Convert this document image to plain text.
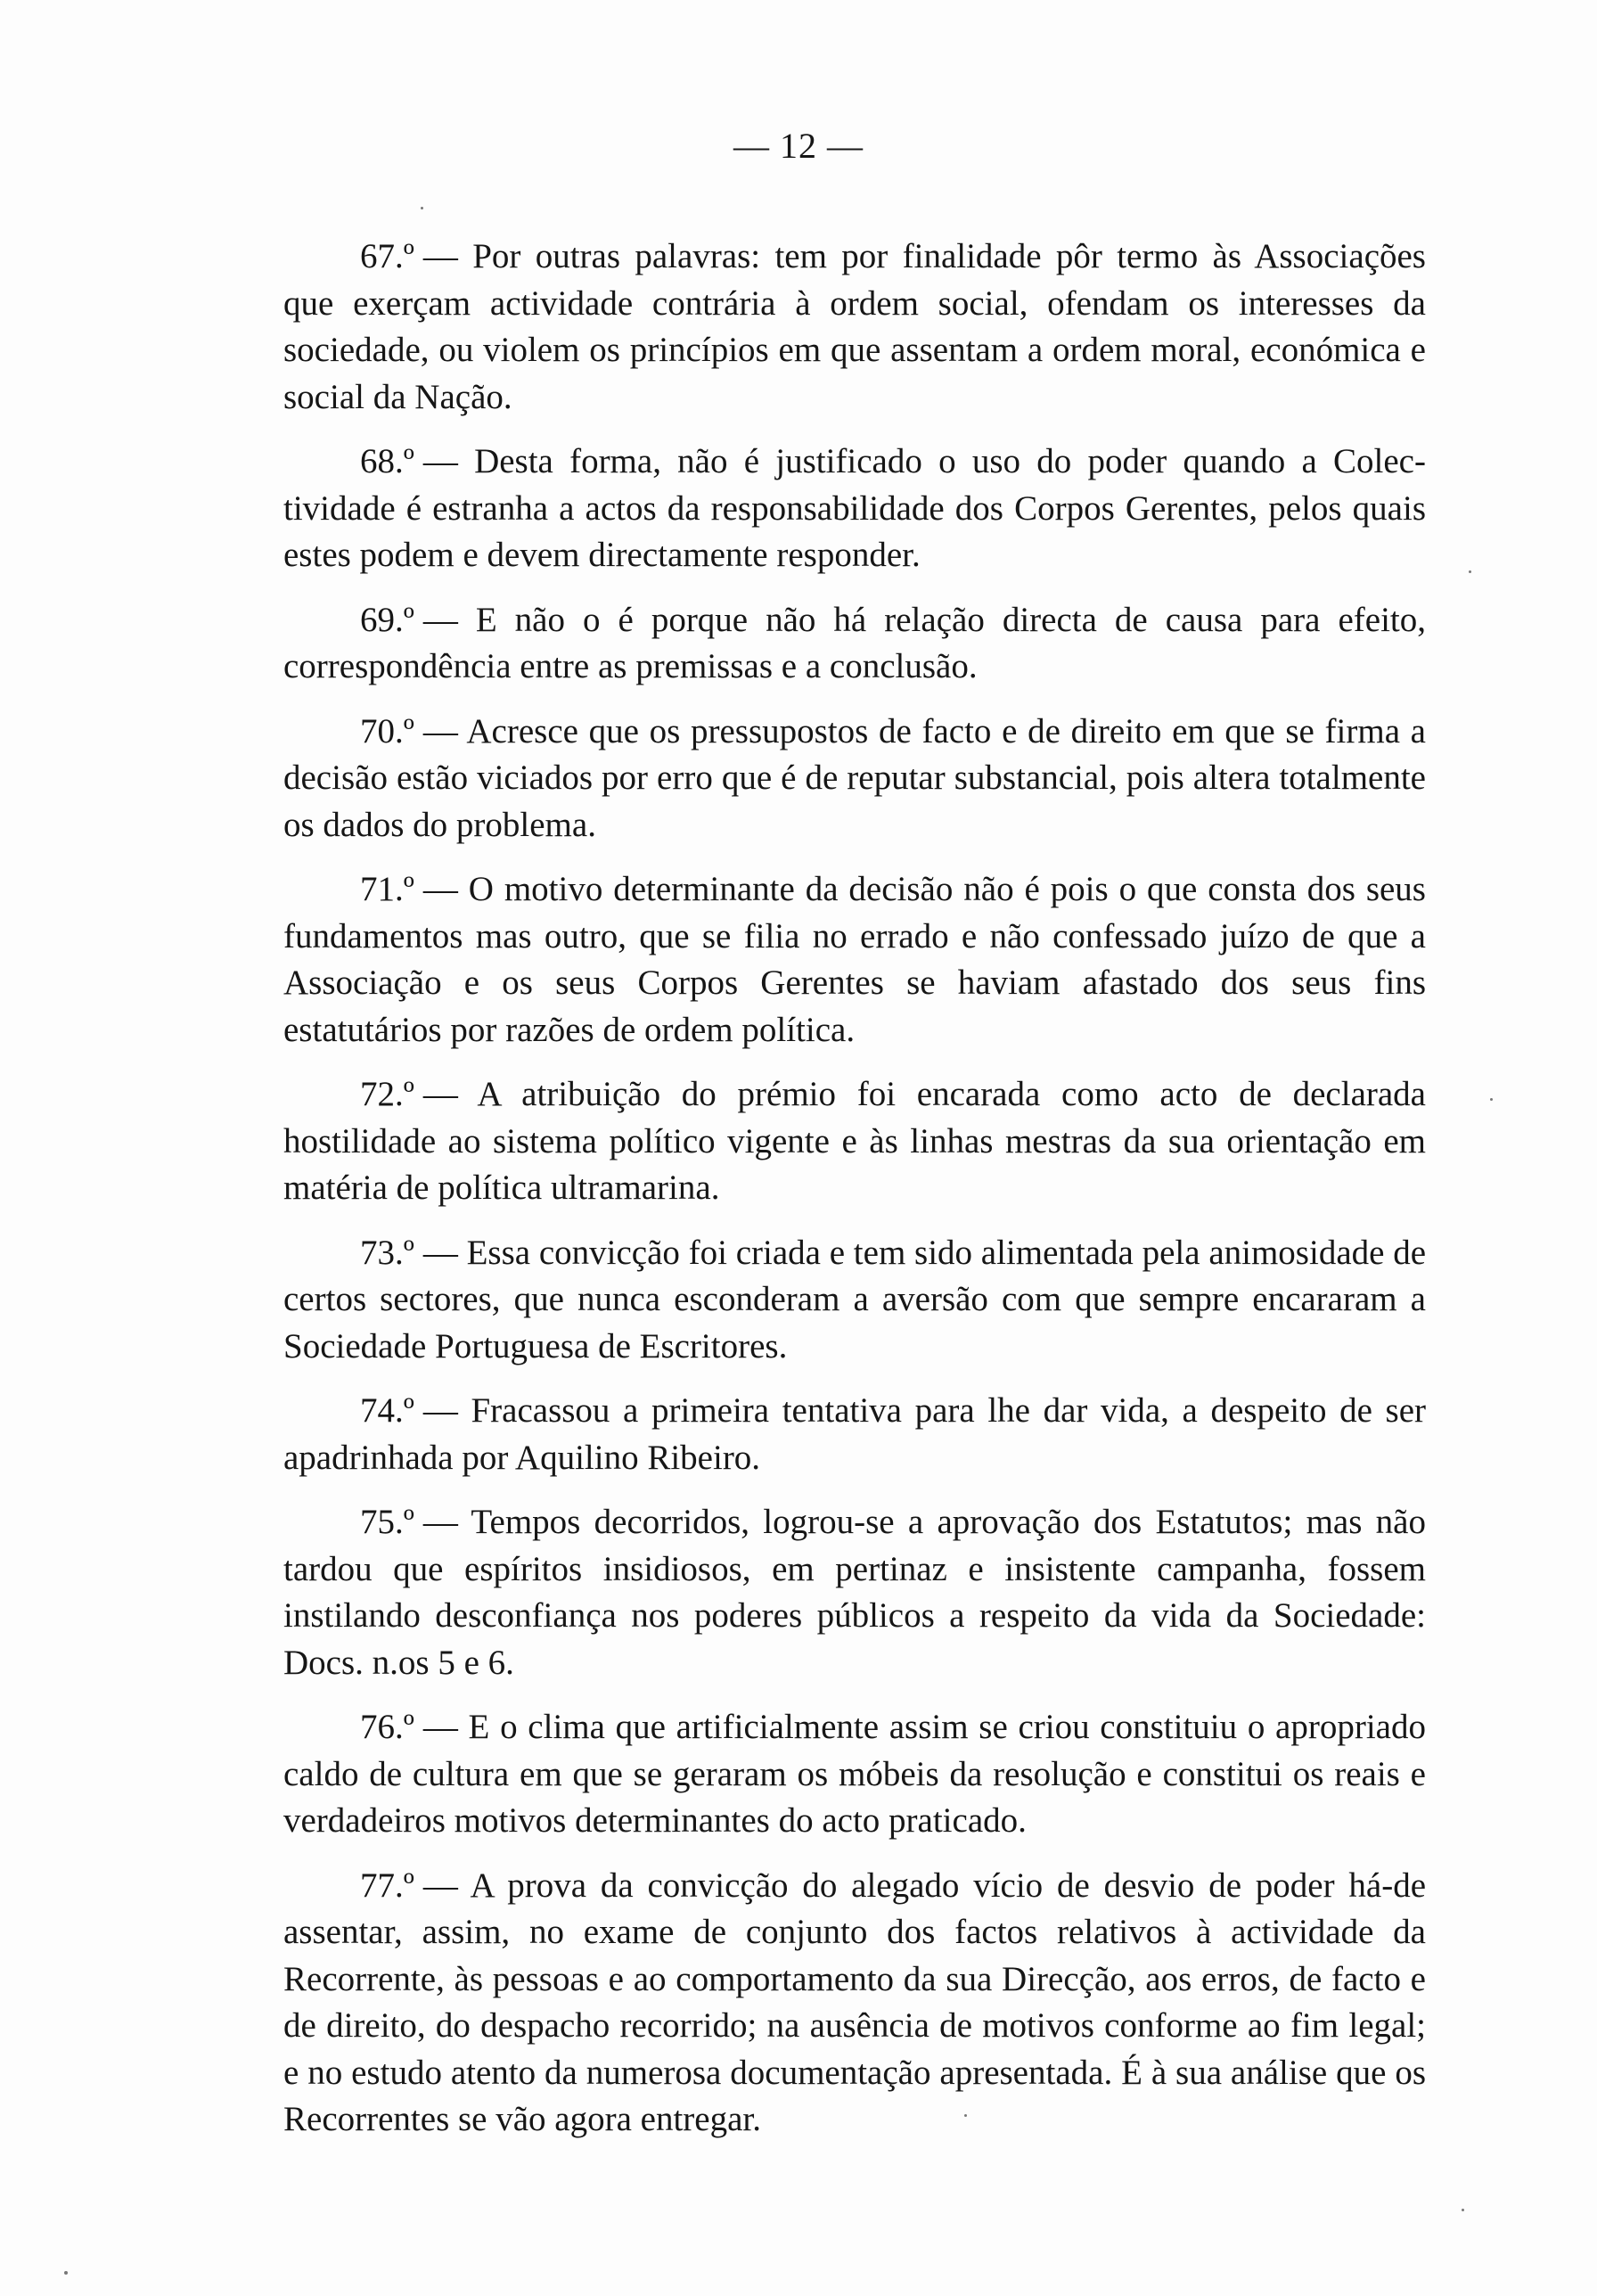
— 12 —

67.º — Por outras palavras: tem por finalidade pôr termo às Associações que exerçam actividade contrária à ordem social, ofendam os interesses da sociedade, ou violem os princípios em que assentam a ordem moral, económica e social da Nação.

68.º — Desta forma, não é justificado o uso do poder quando a Colectividade é estranha a actos da responsabilidade dos Corpos Gerentes, pelos quais estes podem e devem directamente responder.

69.º — E não o é porque não há relação directa de causa para efeito, correspondência entre as premissas e a conclusão.

70.º — Acresce que os pressupostos de facto e de direito em que se firma a decisão estão viciados por erro que é de reputar substancial, pois altera totalmente os dados do problema.

71.º — O motivo determinante da decisão não é pois o que consta dos seus fundamentos mas outro, que se filia no errado e não confessado juízo de que a Associação e os seus Corpos Gerentes se haviam afastado dos seus fins estatutários por razões de ordem política.

72.º — A atribuição do prémio foi encarada como acto de declarada hostilidade ao sistema político vigente e às linhas mestras da sua orientação em matéria de política ultramarina.

73.º — Essa convicção foi criada e tem sido alimentada pela animosidade de certos sectores, que nunca esconderam a aversão com que sempre encararam a Sociedade Portuguesa de Escritores.

74.º — Fracassou a primeira tentativa para lhe dar vida, a despeito de ser apadrinhada por Aquilino Ribeiro.

75.º — Tempos decorridos, logrou-se a aprovação dos Estatutos; mas não tardou que espíritos insidiosos, em pertinaz e insistente campanha, fossem instilando desconfiança nos poderes públicos a respeito da vida da Sociedade: Docs. n.os 5 e 6.

76.º — E o clima que artificialmente assim se criou constituiu o apropriado caldo de cultura em que se geraram os móbeis da resolução e constitui os reais e verdadeiros motivos determinantes do acto praticado.

77.º — A prova da convicção do alegado vício de desvio de poder há-de assentar, assim, no exame de conjunto dos factos relativos à actividade da Recorrente, às pessoas e ao comportamento da sua Direcção, aos erros, de facto e de direito, do despacho recorrido; na ausência de motivos conforme ao fim legal; e no estudo atento da numerosa documentação apresentada. É à sua análise que os Recorrentes se vão agora entregar.
